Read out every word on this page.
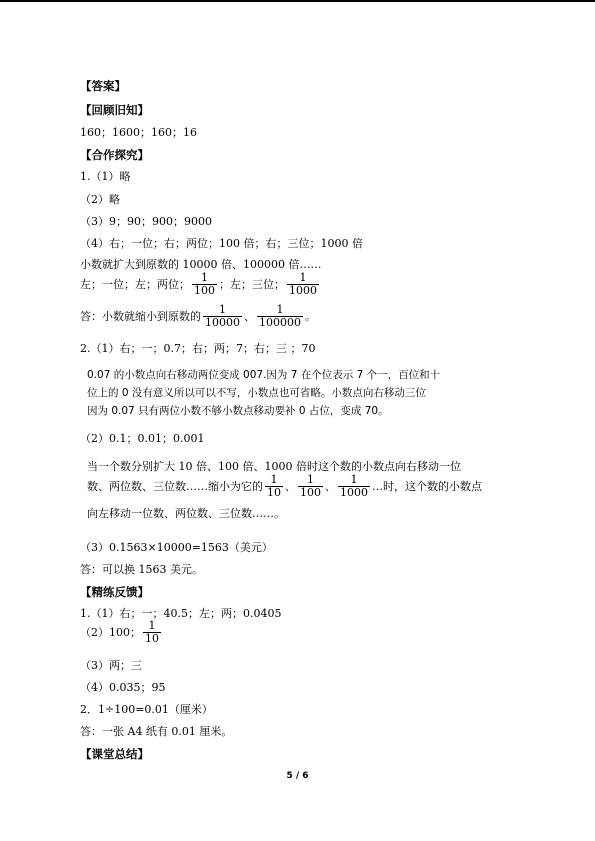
【答案】
【回顾旧知】
160；1600；160；16
【合作探究】
1.（1）略
（2）略
（3）9；90；900；9000
（4）右；一位；右；两位；100 倍；右；三位；1000 倍
小数就扩大到原数的 10000 倍、100000 倍……
左；一位；左；两位； $\frac{1}{100}$ ；左；三位； $\frac{1}{1000}$
答：小数就缩小到原数的 $\frac{1}{10000}$ 、 $\frac{1}{100000}$ 。
2.（1）右；一；0.7；右；两；7；右；三 ；70
0.07 的小数点向右移动两位变成 007.因为 7 在个位表示 7 个一，百位和十
位上的 0 没有意义所以可以不写，小数点也可省略。小数点向右移动三位
因为 0.07 只有两位小数不够小数点移动要补 0 占位，变成 70。
（2）0.1；0.01；0.001
当一个数分别扩大 10 倍、100 倍、1000 倍时这个数的小数点向右移动一位
数、两位数、三位数……缩小为它的 $\frac{1}{10}$ 、 $\frac{1}{100}$ 、 $\frac{1}{1000}$ …时，这个数的小数点
向左移动一位数、两位数、三位数……。
（3）0.1563×10000=1563（美元）
答：可以换 1563 美元。
【精练反馈】
1.（1）右；一；40.5；左；两；0.0405
（2）100； $\frac{1}{10}$
（3）两；三
（4）0.035；95
2．1÷100=0.01（厘米）
答：一张 A4 纸有 0.01 厘米。
【课堂总结】
5 / 6
